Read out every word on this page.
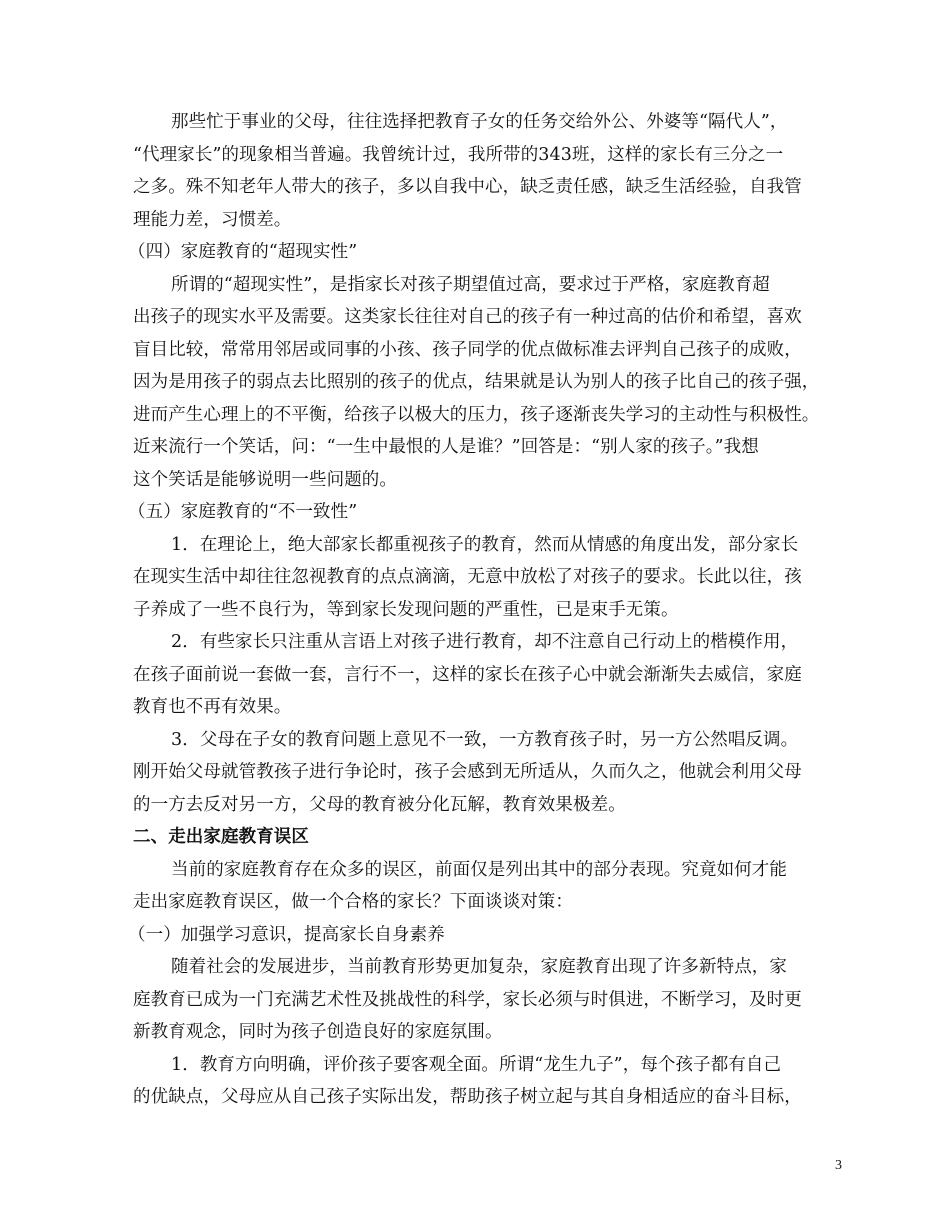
那些忙于事业的父母，往往选择把教育子女的任务交给外公、外婆等“隔代人”，
“代理家长”的现象相当普遍。我曾统计过，我所带的343班，这样的家长有三分之一
之多。殊不知老年人带大的孩子，多以自我中心，缺乏责任感，缺乏生活经验，自我管
理能力差，习惯差。
（四）家庭教育的“超现实性”
所谓的“超现实性”，是指家长对孩子期望值过高，要求过于严格，家庭教育超
出孩子的现实水平及需要。这类家长往往对自己的孩子有一种过高的估价和希望，喜欢
盲目比较，常常用邻居或同事的小孩、孩子同学的优点做标准去评判自己孩子的成败，
因为是用孩子的弱点去比照别的孩子的优点，结果就是认为别人的孩子比自己的孩子强，
进而产生心理上的不平衡，给孩子以极大的压力，孩子逐渐丧失学习的主动性与积极性。
近来流行一个笑话，问：“一生中最恨的人是谁？”回答是：“别人家的孩子。”我想
这个笑话是能够说明一些问题的。
（五）家庭教育的“不一致性”
1．在理论上，绝大部家长都重视孩子的教育，然而从情感的角度出发，部分家长
在现实生活中却往往忽视教育的点点滴滴，无意中放松了对孩子的要求。长此以往，孩
子养成了一些不良行为，等到家长发现问题的严重性，已是束手无策。
2．有些家长只注重从言语上对孩子进行教育，却不注意自己行动上的楷模作用，
在孩子面前说一套做一套，言行不一，这样的家长在孩子心中就会渐渐失去威信，家庭
教育也不再有效果。
3．父母在子女的教育问题上意见不一致，一方教育孩子时，另一方公然唱反调。
刚开始父母就管教孩子进行争论时，孩子会感到无所适从，久而久之，他就会利用父母
的一方去反对另一方，父母的教育被分化瓦解，教育效果极差。
二、走出家庭教育误区
当前的家庭教育存在众多的误区，前面仅是列出其中的部分表现。究竟如何才能
走出家庭教育误区，做一个合格的家长？下面谈谈对策：
（一）加强学习意识，提高家长自身素养
随着社会的发展进步，当前教育形势更加复杂，家庭教育出现了许多新特点，家
庭教育已成为一门充满艺术性及挑战性的科学，家长必须与时俱进，不断学习，及时更
新教育观念，同时为孩子创造良好的家庭氛围。
1．教育方向明确，评价孩子要客观全面。所谓“龙生九子”，每个孩子都有自己
的优缺点，父母应从自己孩子实际出发，帮助孩子树立起与其自身相适应的奋斗目标，
3
